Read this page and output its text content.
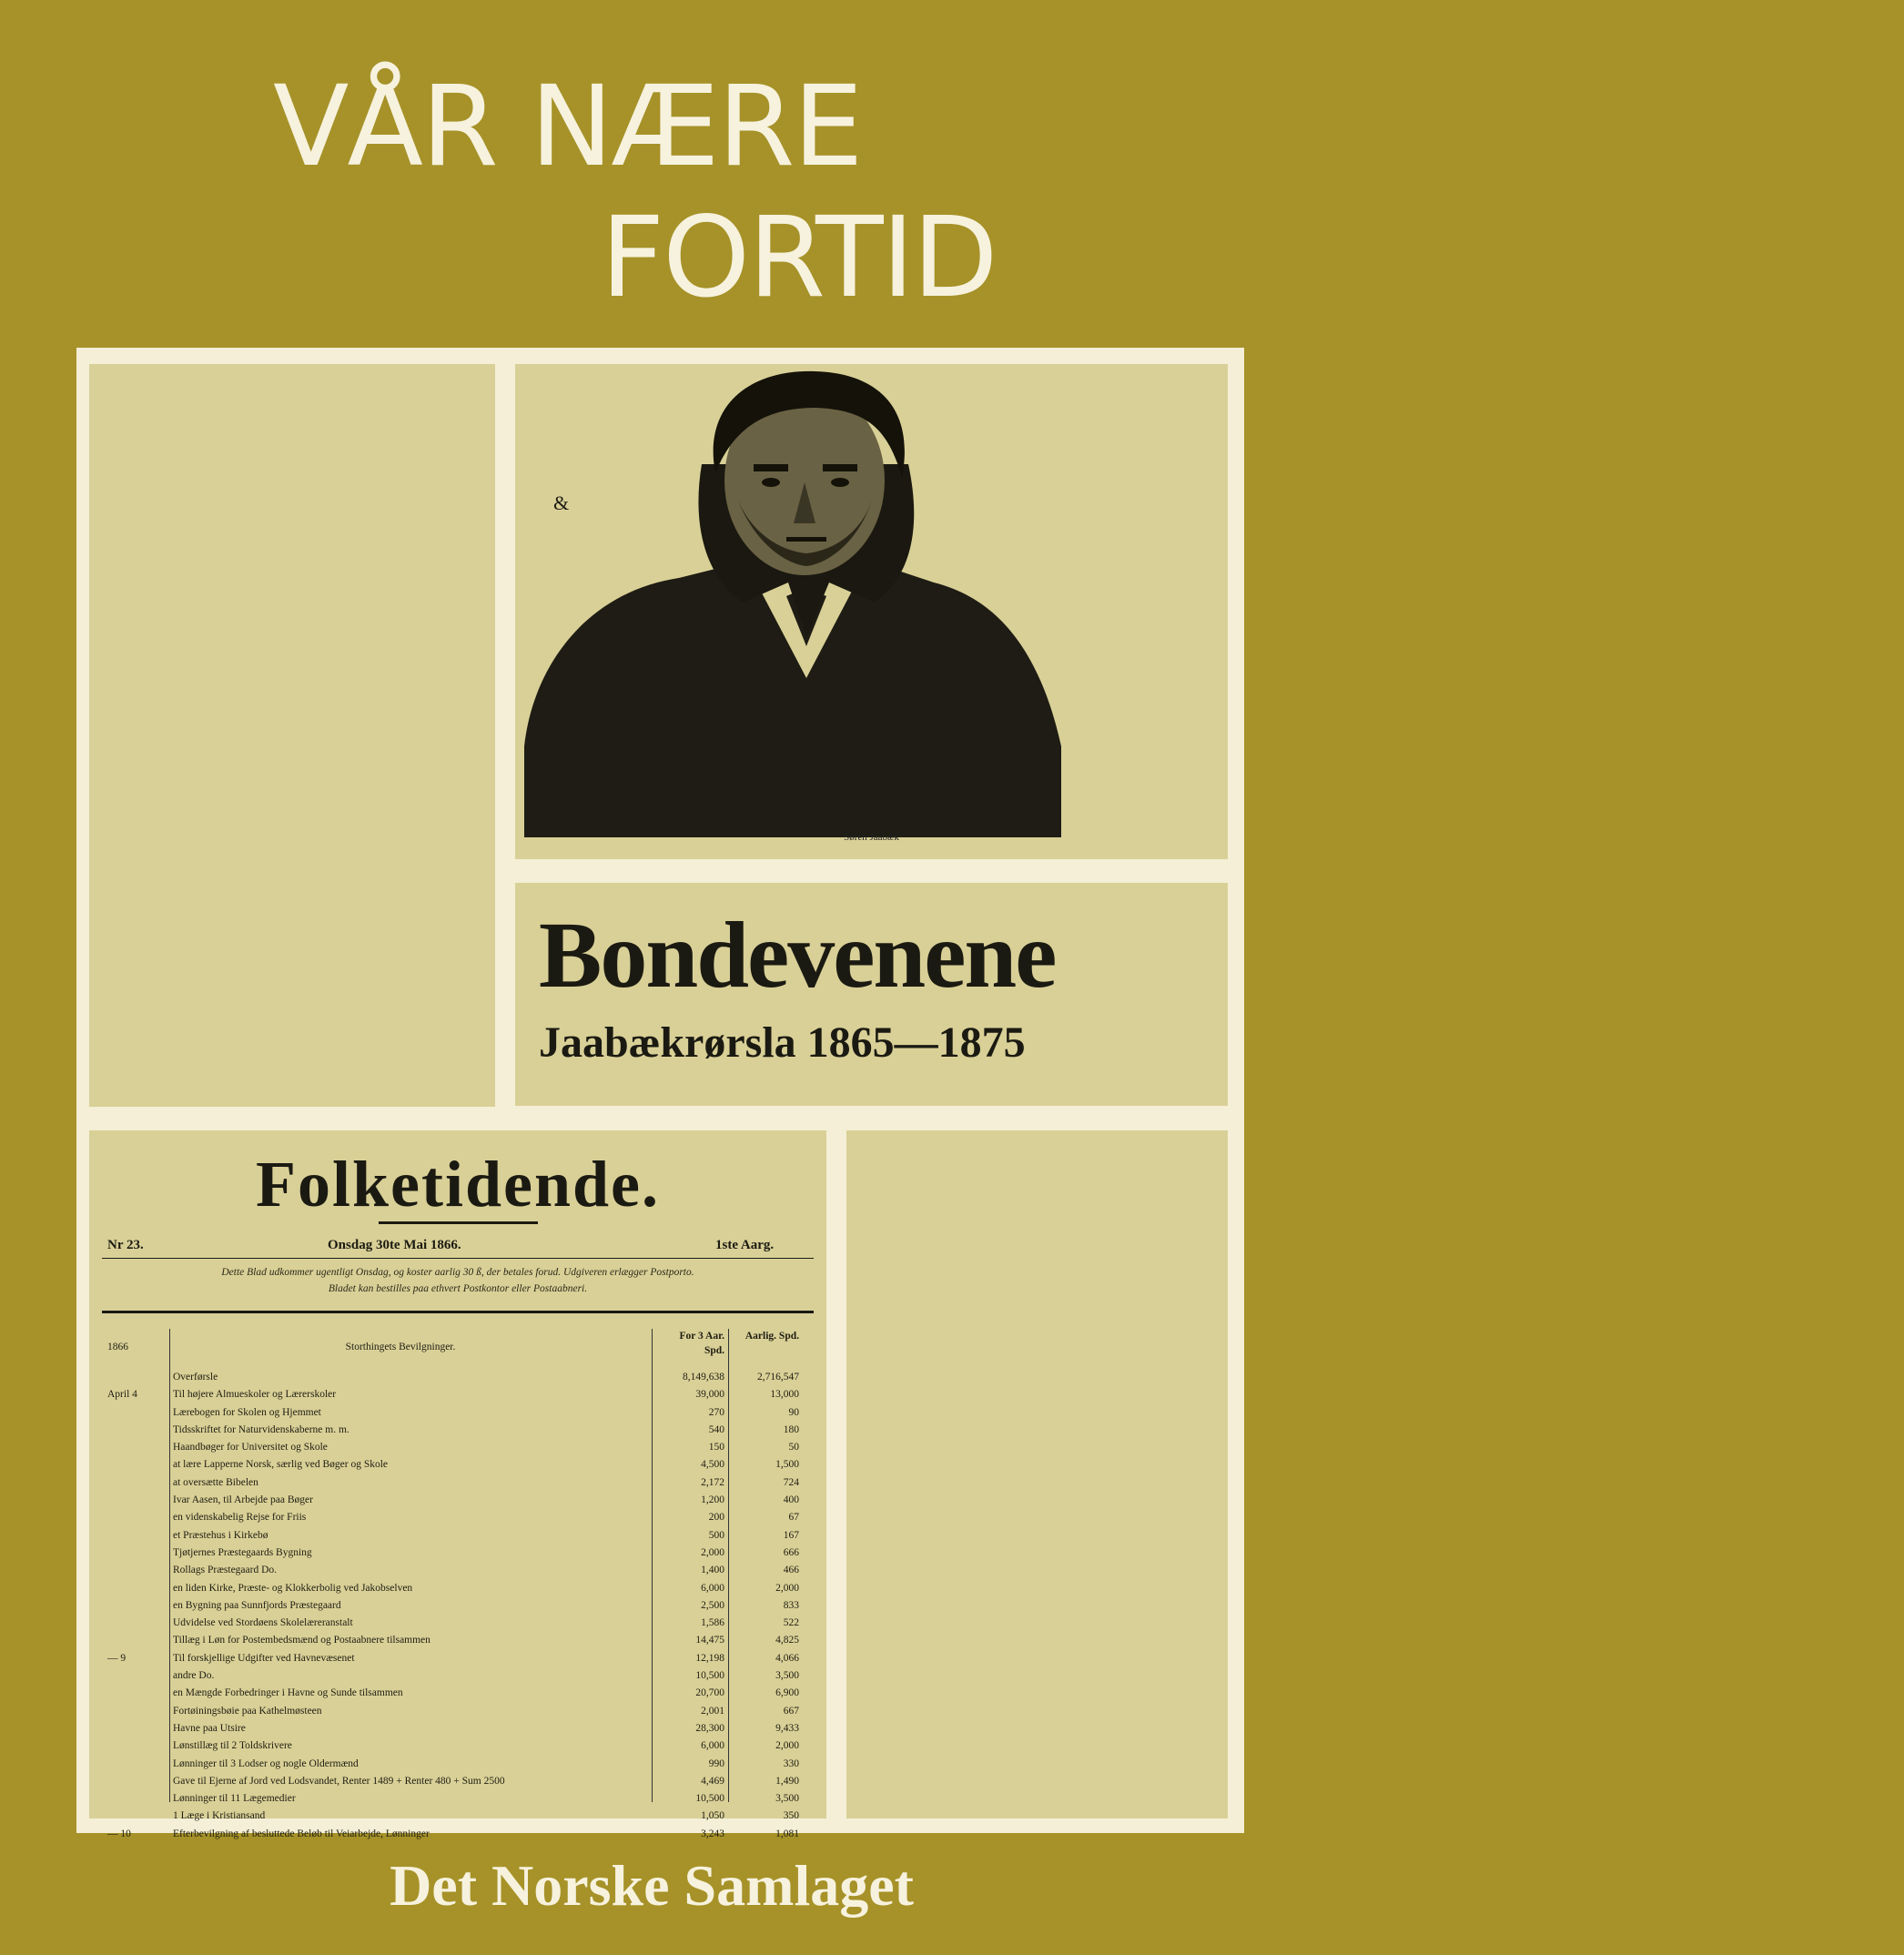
VÅR NÆRE
FORTID
&
Søren Jaabæk
Bondevenene
Jaabækrørsla 1865—1875
Folketidende.
Nr 23.	Onsdag 30te Mai 1866.	1ste Aarg.
Dette Blad udkommer ugentligt Onsdag, og koster aarlig 30 ß, der betales forud. Udgiveren erlægger Postporto.
Bladet kan bestilles paa ethvert Postkontor eller Postaabneri.
1866	Storthingets Bevilgninger.
For 3 Aar. Spd.
Aarlig. Spd.
Overførsle	8,149,638	2,716,547
April 4	Til højere Almueskoler og Lærerskoler	39,000	13,000
Lærebogen for Skolen og Hjemmet	270	90
Tidsskriftet for Naturvidenskaberne m. m.	540	180
Haandbøger for Universitet og Skole	150	50
at lære Lapperne Norsk, særlig ved Bøger og Skole	4,500	1,500
at oversætte Bibelen	2,172	724
Ivar Aasen, til Arbejde paa Bøger	1,200	400
en videnskabelig Rejse for Friis	200	67
et Præstehus i Kirkebø	500	167
Tjøtjernes Præstegaards Bygning	2,000	666
Rollags Præstegaard Do.	1,400	466
en liden Kirke, Præste- og Klokkerbolig ved Jakobselven	6,000	2,000
en Bygning paa Sunnfjords Præstegaard	2,500	833
Udvidelse ved Stordøens Skolelæreranstalt	1,586	522
Tillæg i Løn for Postembedsmænd og Postaabnere tilsammen	14,475	4,825
— 9	Til forskjellige Udgifter ved Havnevæsenet	12,198	4,066
andre Do.	10,500	3,500
en Mængde Forbedringer i Havne og Sunde tilsammen	20,700	6,900
Fortøiningsbøie paa Kathelmøsteen	2,001	667
Havne paa Utsire	28,300	9,433
Lønstillæg til 2 Toldskrivere	6,000	2,000
Lønninger til 3 Lodser og nogle Oldermænd	990	330
Gave til Ejerne af Jord ved Lodsvandet, Renter 1489 + Renter 480 + Sum 2500	4,469	1,490
Lønninger til 11 Lægemedier	10,500	3,500
1 Læge i Kristiansand	1,050	350
— 10	Efterbevilgning af besluttede Beløb til Veiarbejde, Lønninger	3,243	1,081
Det Norske Samlaget
